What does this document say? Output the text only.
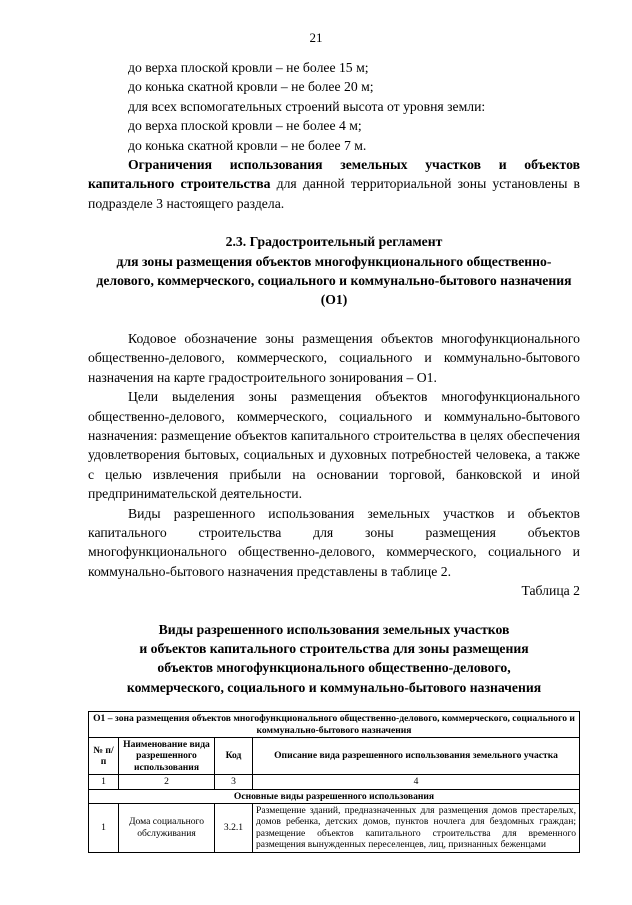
21

до верха плоской кровли – не более 15 м;

до конька скатной кровли – не более 20 м;

для всех вспомогательных строений высота от уровня земли:

до верха плоской кровли – не более 4 м;

до конька скатной кровли – не более 7 м.

Ограничения использования земельных участков и объектов капитального строительства для данной территориальной зоны установлены в подразделе 3 настоящего раздела.

2.3. Градостроительный регламент

для зоны размещения объектов многофункционального общественно-делового, коммерческого, социального и коммунально-бытового назначения (О1)

Кодовое обозначение зоны размещения объектов многофункционального общественно-делового, коммерческого, социального и коммунально-бытового назначения на карте градостроительного зонирования – О1.

Цели выделения зоны размещения объектов многофункционального общественно-делового, коммерческого, социального и коммунально-бытового назначения: размещение объектов капитального строительства в целях обеспечения удовлетворения бытовых, социальных и духовных потребностей человека, а также с целью извлечения прибыли на основании торговой, банковской и иной предпринимательской деятельности.

Виды разрешенного использования земельных участков и объектов капитального строительства для зоны размещения объектов многофункционального общественно-делового, коммерческого, социального и коммунально-бытового назначения представлены в таблице 2.

Таблица 2

Виды разрешенного использования земельных участков

и объектов капитального строительства для зоны размещения

объектов многофункционального общественно-делового,

коммерческого, социального и коммунально-бытового назначения

О1 – зона размещения объектов многофункционального общественно-делового, коммерческого, социального и коммунально-бытового назначения			
№ п/п	Наименование вида разрешенного использования	Код	Описание вида разрешенного использования земельного участка
1	2	3	4
Основные виды разрешенного использования			
1	Дома социального обслуживания	3.2.1	Размещение зданий, предназначенных для размещения домов престарелых, домов ребенка, детских домов, пунктов ночлега для бездомных граждан; размещение объектов капитального строительства для временного размещения вынужденных переселенцев, лиц, признанных беженцами
